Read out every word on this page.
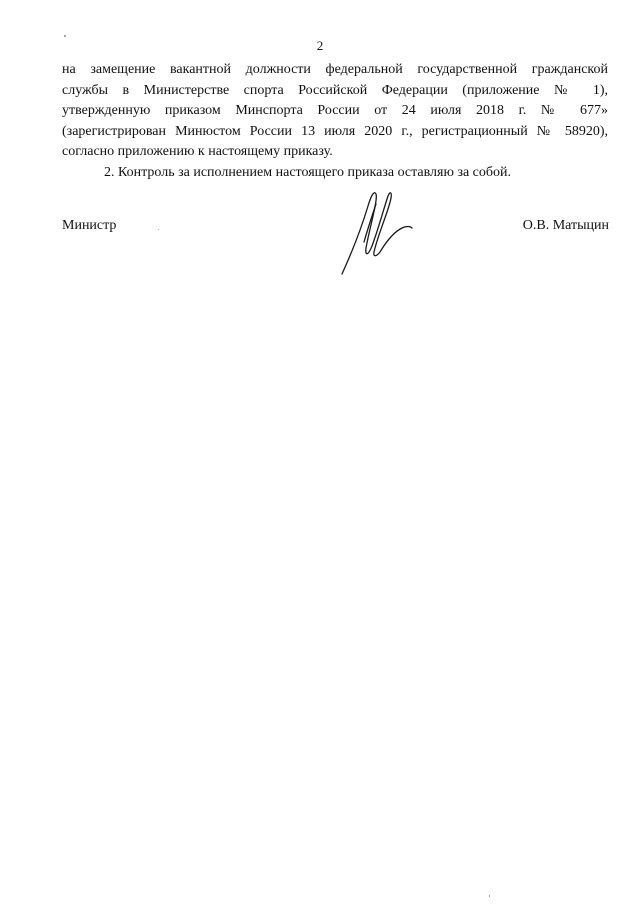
2

на замещение вакантной должности федеральной государственной гражданской
службы в Министерстве спорта Российской Федерации (приложение № 1),
утвержденную приказом Минспорта России от 24 июля 2018 г. № 677»
(зарегистрирован Минюстом России 13 июля 2020 г., регистрационный № 58920),
согласно приложению к настоящему приказу.

2. Контроль за исполнением настоящего приказа оставляю за собой.

Министр	О.В. Матыцин
